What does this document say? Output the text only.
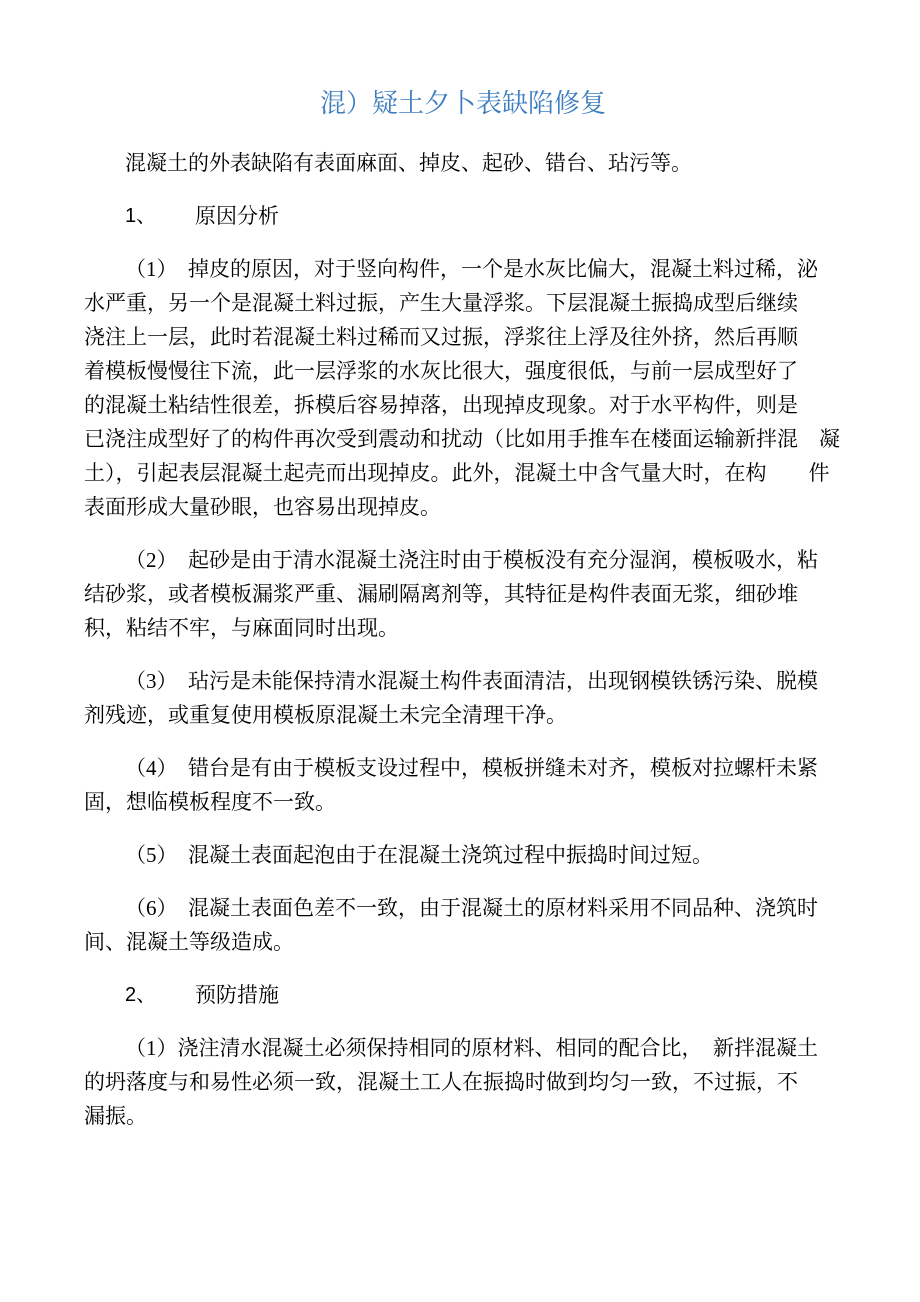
混）疑土夕卜表缺陷修复
混凝土的外表缺陷有表面麻面、掉皮、起砂、错台、玷污等。
1、	原因分析
（1）  掉皮的原因，对于竖向构件，一个是水灰比偏大，混凝土料过稀，泌
水严重，另一个是混凝土料过振，产生大量浮浆。下层混凝土振捣成型后继续
浇注上一层，此时若混凝土料过稀而又过振，浮浆往上浮及往外挤，然后再顺
着模板慢慢往下流，此一层浮浆的水灰比很大，强度很低，与前一层成型好了
的混凝土粘结性很差，拆模后容易掉落，出现掉皮现象。对于水平构件，则是
已浇注成型好了的构件再次受到震动和扰动（比如用手推车在楼面运输新拌混　凝
土），引起表层混凝土起壳而出现掉皮。此外，混凝土中含气量大时，在构　　件
表面形成大量砂眼，也容易出现掉皮。
（2）  起砂是由于清水混凝土浇注时由于模板没有充分湿润，模板吸水，粘
结砂浆，或者模板漏浆严重、漏刷隔离剂等，其特征是构件表面无浆，细砂堆
积，粘结不牢，与麻面同时出现。
（3）  玷污是未能保持清水混凝土构件表面清洁，出现钢模铁锈污染、脱模
剂残迹，或重复使用模板原混凝土未完全清理干净。
（4）  错台是有由于模板支设过程中，模板拼缝未对齐，模板对拉螺杆未紧
固，想临模板程度不一致。
（5）  混凝土表面起泡由于在混凝土浇筑过程中振捣时间过短。
（6）  混凝土表面色差不一致，由于混凝土的原材料采用不同品种、浇筑时
间、混凝土等级造成。
2、	预防措施
（1）浇注清水混凝土必须保持相同的原材料、相同的配合比，　新拌混凝土
的坍落度与和易性必须一致，混凝土工人在振捣时做到均匀一致，不过振，不
漏振。
